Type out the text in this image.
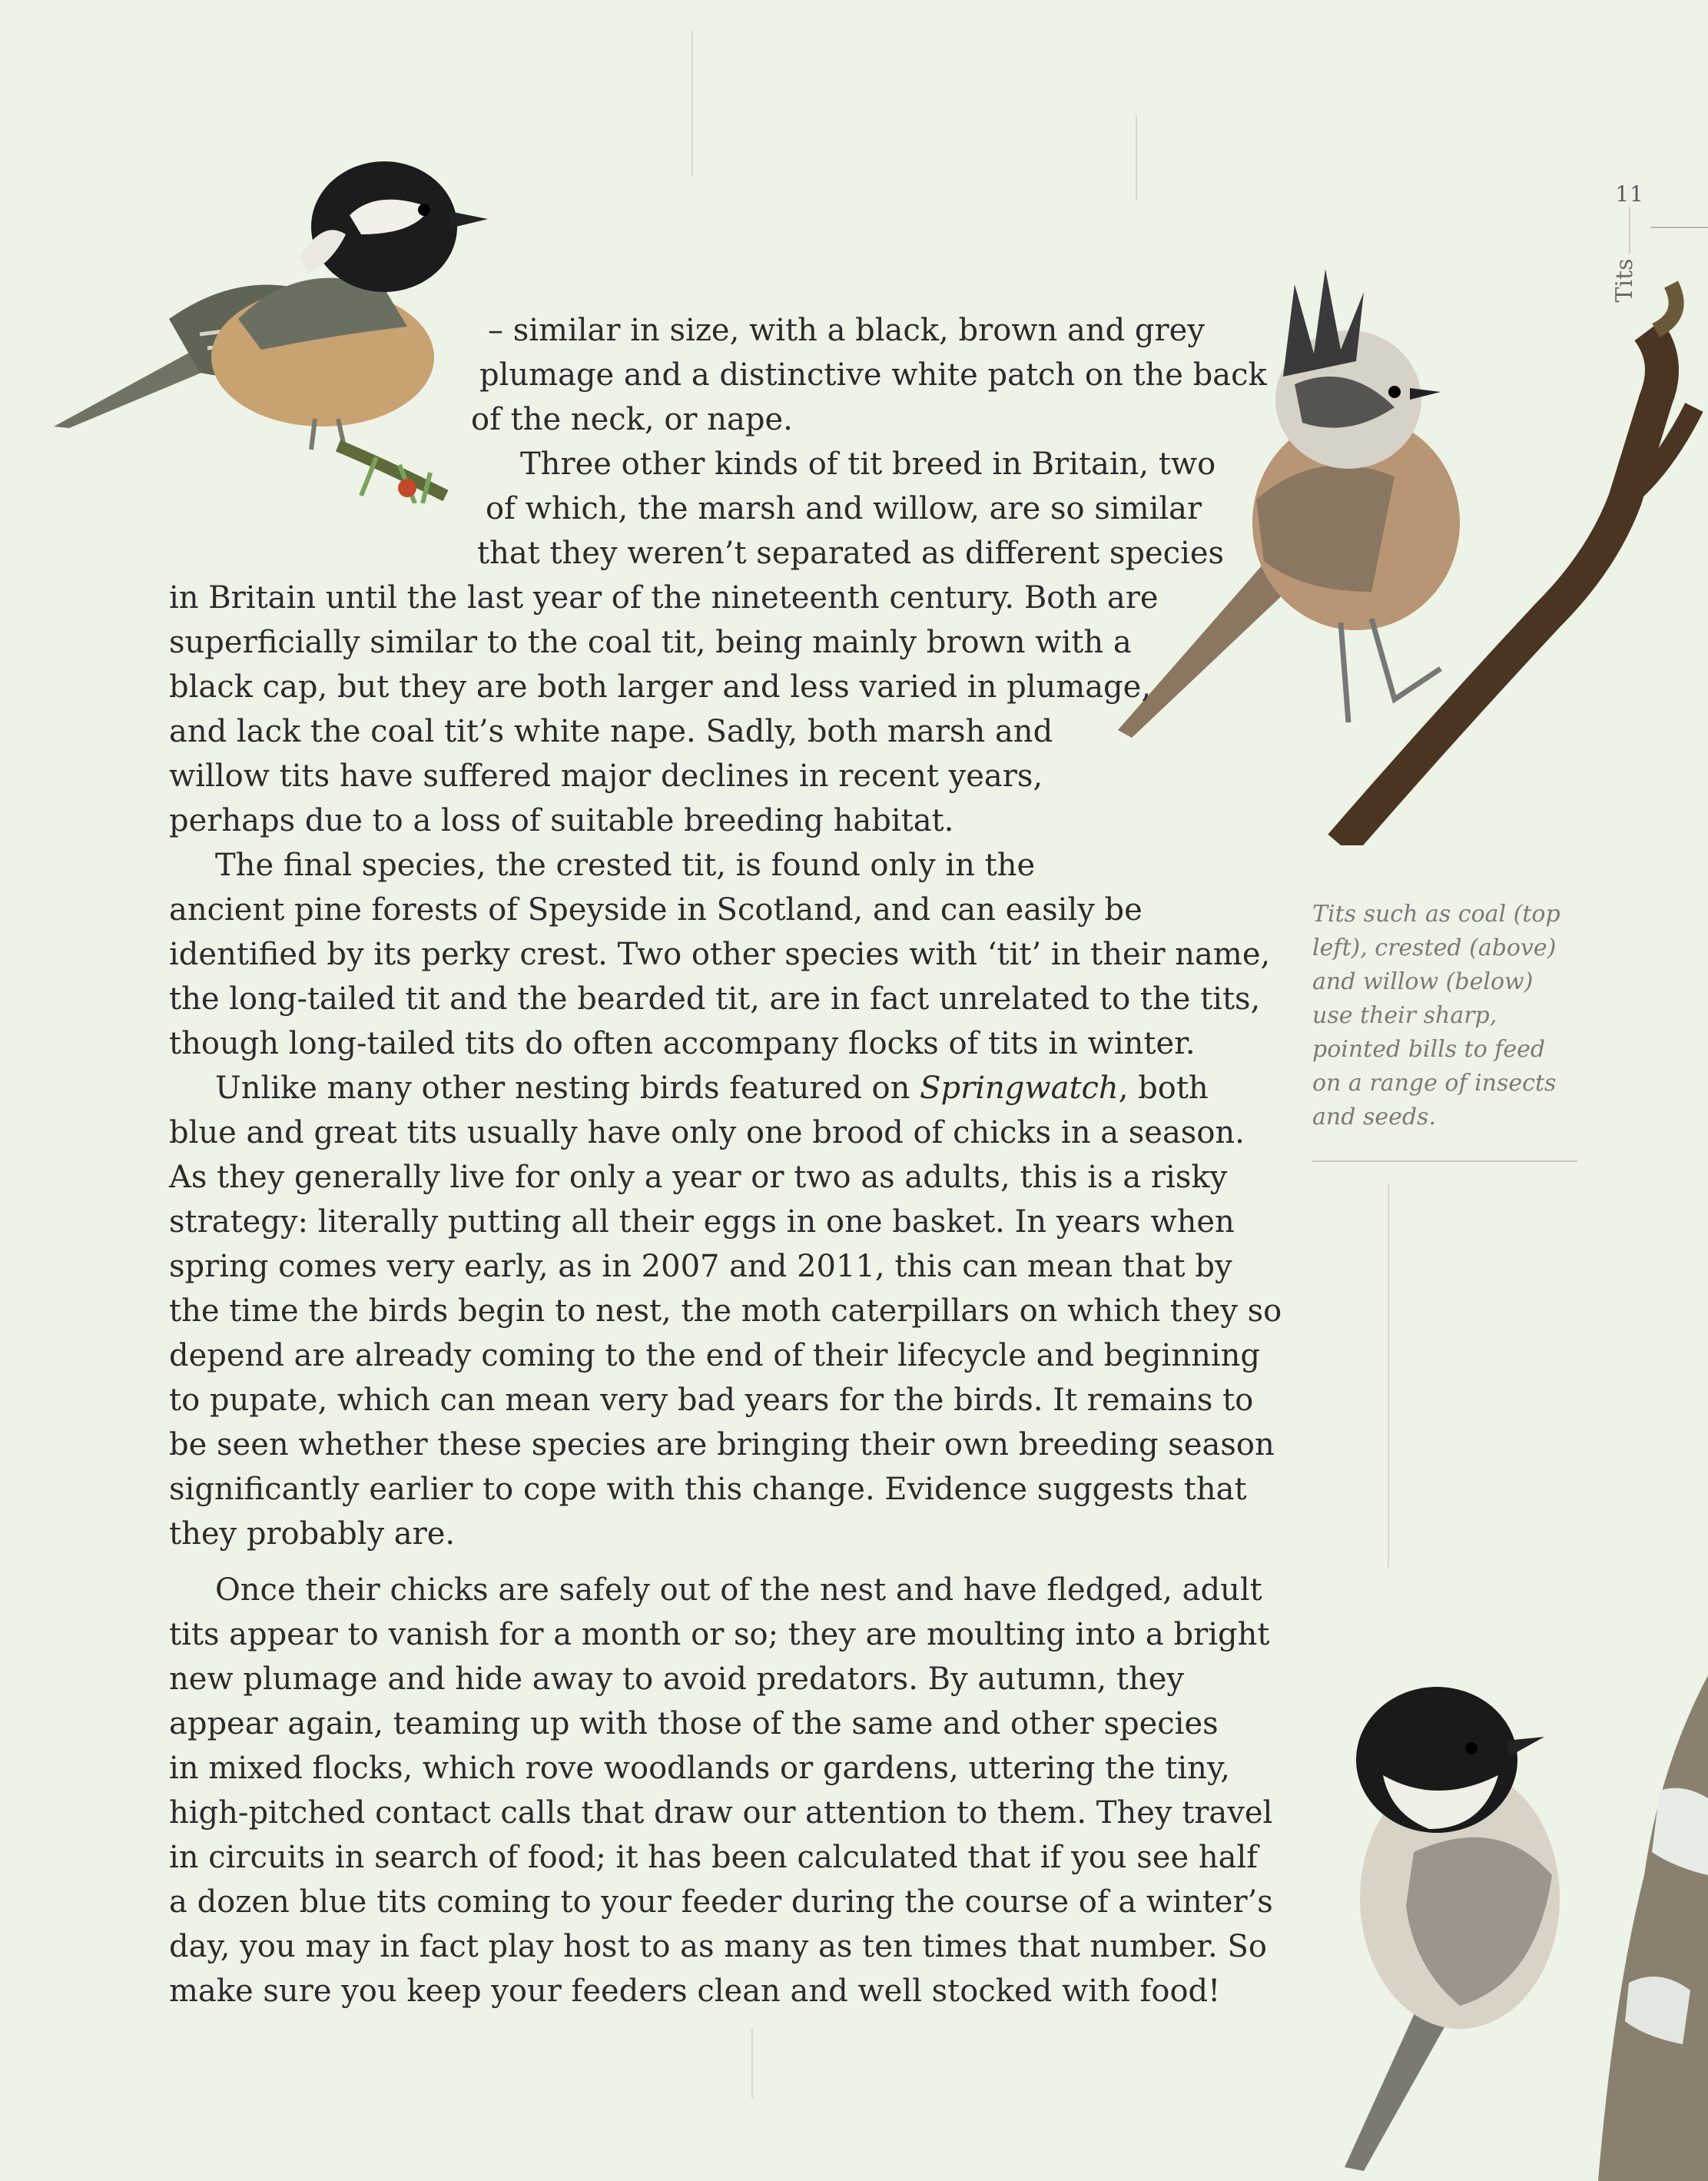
11
Tits
– similar in size, with a black, brown and grey
plumage and a distinctive white patch on the back
of the neck, or nape.
Three other kinds of tit breed in Britain, two
of which, the marsh and willow, are so similar
that they weren’t separated as different species
in Britain until the last year of the nineteenth century. Both are
superficially similar to the coal tit, being mainly brown with a
black cap, but they are both larger and less varied in plumage,
and lack the coal tit’s white nape. Sadly, both marsh and
willow tits have suffered major declines in recent years,
perhaps due to a loss of suitable breeding habitat.
The final species, the crested tit, is found only in the
ancient pine forests of Speyside in Scotland, and can easily be
identified by its perky crest. Two other species with ‘tit’ in their name,
the long-tailed tit and the bearded tit, are in fact unrelated to the tits,
though long-tailed tits do often accompany flocks of tits in winter.
Unlike many other nesting birds featured on Springwatch, both
blue and great tits usually have only one brood of chicks in a season.
As they generally live for only a year or two as adults, this is a risky
strategy: literally putting all their eggs in one basket. In years when
spring comes very early, as in 2007 and 2011, this can mean that by
the time the birds begin to nest, the moth caterpillars on which they so
depend are already coming to the end of their lifecycle and beginning
to pupate, which can mean very bad years for the birds. It remains to
be seen whether these species are bringing their own breeding season
significantly earlier to cope with this change. Evidence suggests that
they probably are.
Once their chicks are safely out of the nest and have fledged, adult
tits appear to vanish for a month or so; they are moulting into a bright
new plumage and hide away to avoid predators. By autumn, they
appear again, teaming up with those of the same and other species
in mixed flocks, which rove woodlands or gardens, uttering the tiny,
high-pitched contact calls that draw our attention to them. They travel
in circuits in search of food; it has been calculated that if you see half
a dozen blue tits coming to your feeder during the course of a winter’s
day, you may in fact play host to as many as ten times that number. So
make sure you keep your feeders clean and well stocked with food!
Tits such as coal (top
left), crested (above)
and willow (below)
use their sharp,
pointed bills to feed
on a range of insects
and seeds.
